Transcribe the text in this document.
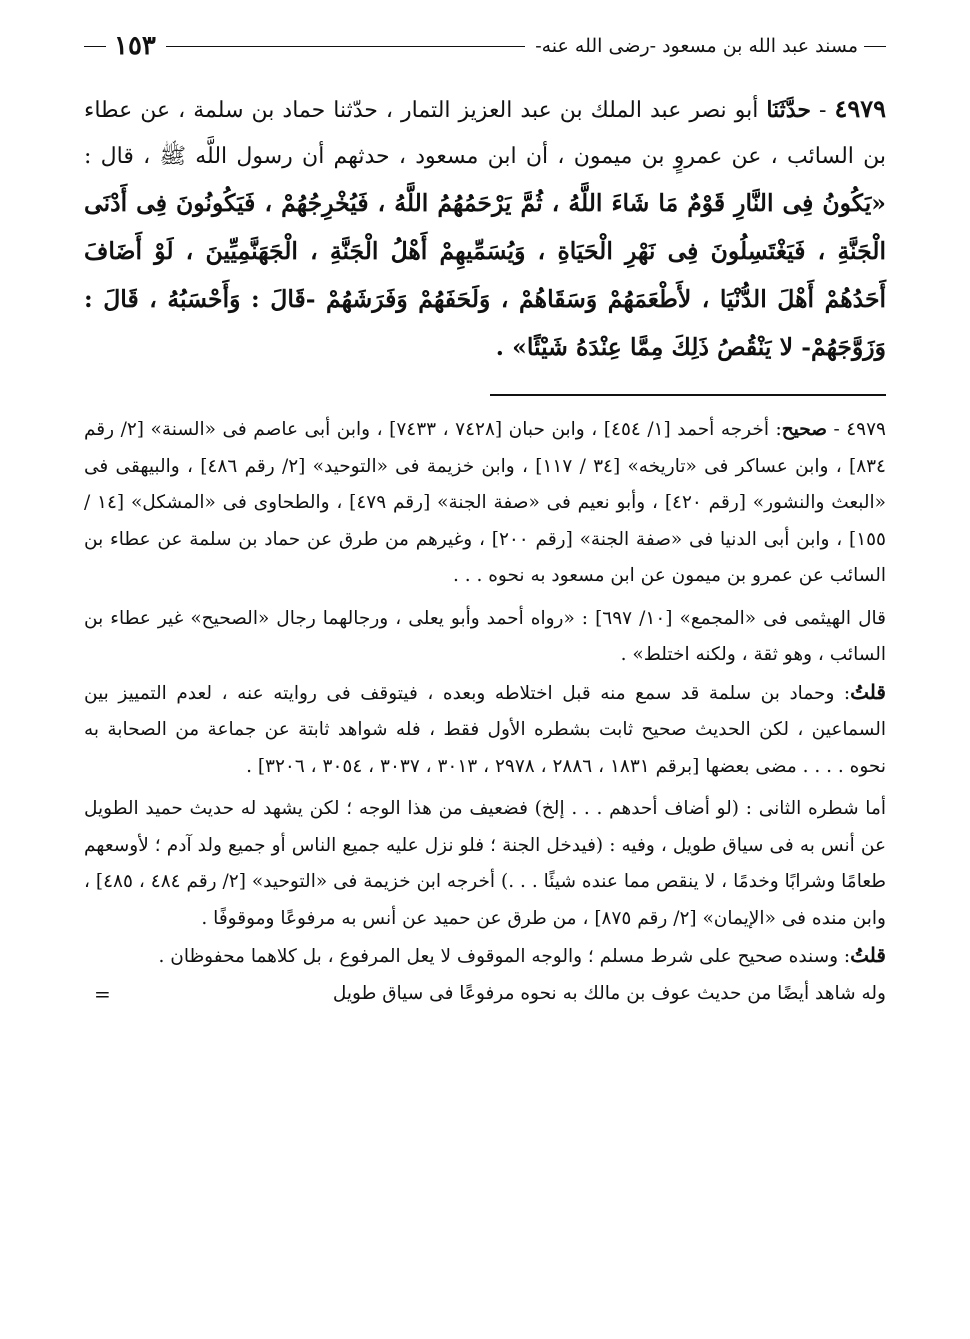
مسند عبد الله بن مسعود -رضى الله عنه-
١٥٣
٤٩٧٩ - حدَّثَنَا أبو نصر عبد الملك بن عبد العزيز التمار ، حدّثنا حماد بن سلمة ، عن عطاء بن السائب ، عن عمروٍ بن ميمون ، أن ابن مسعود ، حدثهم أن رسول اللَّه ﷺ ، قال : «يَكُونُ فِى النَّارِ قَوْمٌ مَا شَاءَ اللَّهُ ، ثُمَّ يَرْحَمُهُمُ اللَّهُ ، فَيُخْرِجُهُمْ ، فَيَكُونُونَ فِى أَدْنَى الْجَنَّةِ ، فَيَغْتَسِلُونَ فِى نَهْرِ الْحَيَاةِ ، وَيُسَمِّيهِمْ أَهْلُ الْجَنَّةِ ، الْجَهَنَّمِيِّينَ ، لَوْ أَضَافَ أَحَدُهُمْ أَهْلَ الدُّنْيَا ، لأَطْعَمَهُمْ وَسَقَاهُمْ ، وَلَحَفَهُمْ وَفَرَشَهُمْ -قَالَ : وَأَحْسَبُهُ ، قَالَ : وَزَوَّجَهُمْ- لا يَنْقُصُ ذَلِكَ مِمَّا عِنْدَهُ شَيْئًا» .

٤٩٧٩ - صحيح: أخرجه أحمد [١/ ٤٥٤] ، وابن حبان [٧٤٢٨ ، ٧٤٣٣] ، وابن أبى عاصم فى «السنة» [٢/ رقم ٨٣٤] ، وابن عساكر فى «تاريخه» [٣٤ / ١١٧] ، وابن خزيمة فى «التوحيد» [٢/ رقم ٤٨٦] ، والبيهقى فى «البعث والنشور» [رقم ٤٢٠] ، وأبو نعيم فى «صفة الجنة» [رقم ٤٧٩] ، والطحاوى فى «المشكل» [١٤ / ١٥٥] ، وابن أبى الدنيا فى «صفة الجنة» [رقم ٢٠٠] ، وغيرهم من طرق عن حماد بن سلمة عن عطاء بن السائب عن عمرو بن ميمون عن ابن مسعود به نحوه . . .

قال الهيثمى فى «المجمع» [١٠/ ٦٩٧] : «رواه أحمد وأبو يعلى ، ورجالهما رجال «الصحيح» غير عطاء بن السائب ، وهو ثقة ، ولكنه اختلط» .

قلتُ: وحماد بن سلمة قد سمع منه قبل اختلاطه وبعده ، فيتوقف فى روايته عنه ، لعدم التمييز بين السماعين ، لكن الحديث صحيح ثابت بشطره الأول فقط ، فله شواهد ثابتة عن جماعة من الصحابة به نحوه . . . . مضى بعضها [برقم ١٨٣١ ، ٢٨٨٦ ، ٢٩٧٨ ، ٣٠١٣ ، ٣٠٣٧ ، ٣٠٥٤ ، ٣٢٠٦] .

أما شطره الثانى : (لو أضاف أحدهم . . . إلخ) فضعيف من هذا الوجه ؛ لكن يشهد له حديث حميد الطويل عن أنس به فى سياق طويل ، وفيه : (فيدخل الجنة ؛ فلو نزل عليه جميع الناس أو جميع ولد آدم ؛ لأوسعهم طعامًا وشرابًا وخدمًا ، لا ينقص مما عنده شيئًا . . .) أخرجه ابن خزيمة فى «التوحيد» [٢/ رقم ٤٨٤ ، ٤٨٥] ، وابن منده فى «الإيمان» [٢/ رقم ٨٧٥] ، من طرق عن حميد عن أنس به مرفوعًا وموقوفًا .

قلتُ: وسنده صحيح على شرط مسلم ؛ والوجه الموقوف لا يعل المرفوع ، بل كلاهما محفوظان .

وله شاهد أيضًا من حديث عوف بن مالك به نحوه مرفوعًا فى سياق طويل
=
